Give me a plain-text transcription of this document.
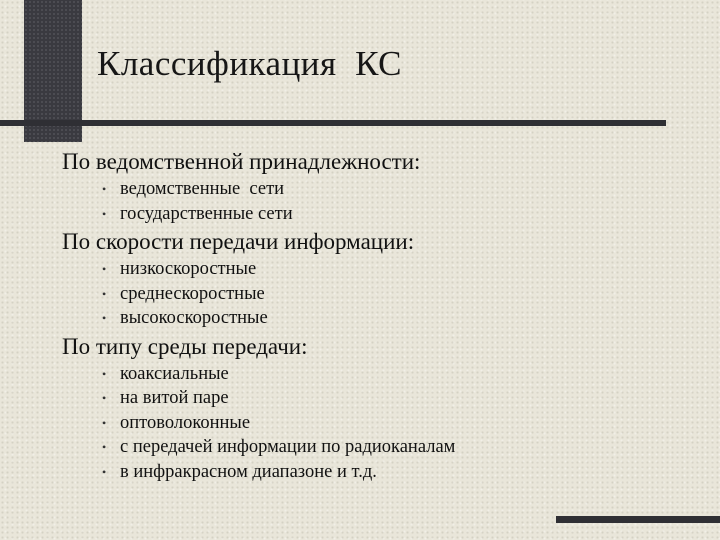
Классификация  КС
По ведомственной принадлежности:
• ведомственные  сети
• государственные сети
По скорости передачи информации:
• низкоскоростные
• среднескоростные
• высокоскоростные
По типу среды передачи:
• коаксиальные
• на витой паре
• оптоволоконные
• с передачей информации по радиоканалам
• в инфракрасном диапазоне и т.д.
